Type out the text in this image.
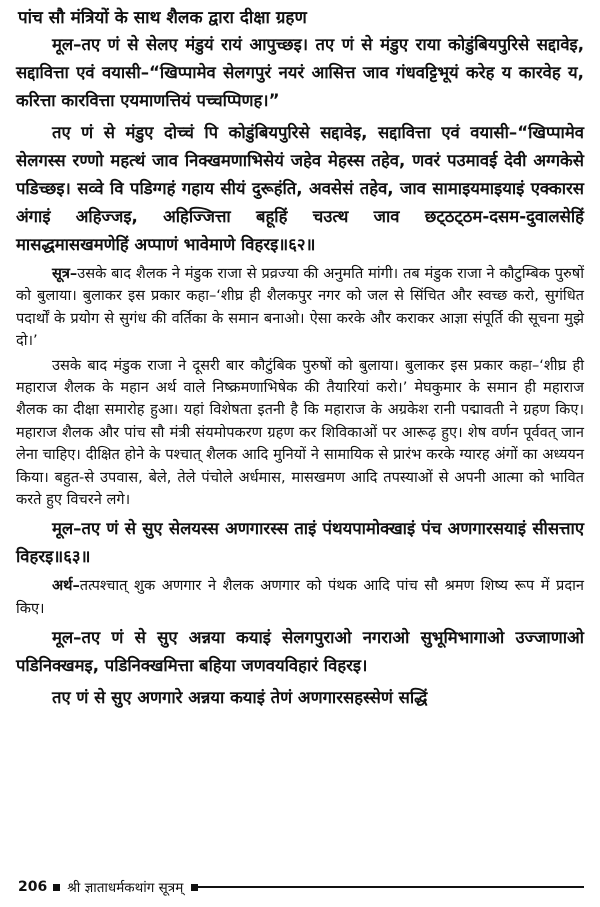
पांच सौ मंत्रियों के साथ शैलक द्वारा दीक्षा ग्रहण

मूल–तए णं से सेलए मंडुयं रायं आपुच्छइ। तए णं से मंडुए राया कोडुंबियपुरिसे सद्दावेइ, सद्दावित्ता एवं वयासी–“खिप्पामेव सेलगपुरं नयरं आसित्त जाव गंधवट्टिभूयं करेह य कारवेह य, करित्ता कारवित्ता एयमाणत्तियं पच्चप्पिणह।”

तए णं से मंडुए दोच्चं पि कोडुंबियपुरिसे सद्दावेइ, सद्दावित्ता एवं वयासी–“खिप्पामेव सेलगस्स रण्णो महत्थं जाव निक्खमणाभिसेयं जहेव मेहस्स तहेव, णवरं पउमावई देवी अग्गकेसे पडिच्छइ। सव्वे वि पडिग्गहं गहाय सीयं दुरूहंति, अवसेसं तहेव, जाव सामाइयमाइयाइं एक्कारस अंगाइं अहिज्जइ, अहिज्जित्ता बहूहिं चउत्थ जाव छट्‌ठट्‌ठम-दसम-दुवालसेहिं मासद्धमासखमणेहिं अप्पाणं भावेमाणे विहरइ॥६२॥

सूत्र–उसके बाद शैलक ने मंडुक राजा से प्रव्रज्या की अनुमति मांगी। तब मंडुक राजा ने कौटुम्बिक पुरुषों को बुलाया। बुलाकर इस प्रकार कहा–‘शीघ्र ही शैलकपुर नगर को जल से सिंचित और स्वच्छ करो, सुगंधित पदार्थों के प्रयोग से सुगंध की वर्तिका के समान बनाओ। ऐसा करके और कराकर आज्ञा संपूर्ति की सूचना मुझे दो।’

उसके बाद मंडुक राजा ने दूसरी बार कौटुंबिक पुरुषों को बुलाया। बुलाकर इस प्रकार कहा–‘शीघ्र ही महाराज शैलक के महान अर्थ वाले निष्क्रमणाभिषेक की तैयारियां करो।’ मेघकुमार के समान ही महाराज शैलक का दीक्षा समारोह हुआ। यहां विशेषता इतनी है कि महाराज के अग्रकेश रानी पद्मावती ने ग्रहण किए। महाराज शैलक और पांच सौ मंत्री संयमोपकरण ग्रहण कर शिविकाओं पर आरूढ़ हुए। शेष वर्णन पूर्ववत् जान लेना चाहिए। दीक्षित होने के पश्चात् शैलक आदि मुनियों ने सामायिक से प्रारंभ करके ग्यारह अंगों का अध्ययन किया। बहुत-से उपवास, बेले, तेले पंचोले अर्धमास, मासखमण आदि तपस्याओं से अपनी आत्मा को भावित करते हुए विचरने लगे।

मूल–तए णं से सुए सेलयस्स अणगारस्स ताइं पंथयपामोक्खाइं पंच अणगारसयाइं सीसत्ताए विहरइ॥६३॥

अर्थ–तत्पश्चात् शुक अणगार ने शैलक अणगार को पंथक आदि पांच सौ श्रमण शिष्य रूप में प्रदान किए।

मूल–तए णं से सुए अन्नया कयाइं सेलगपुराओ नगराओ सुभूमिभागाओ उज्जाणाओ पडिनिक्खमइ, पडिनिक्खमित्ता बहिया जणवयविहारं विहरइ।

तए णं से सुए अणगारे अन्नया कयाइं तेणं अणगारसहस्सेणं सद्धिं

206 श्री ज्ञाताधर्मकथांग सूत्रम्
